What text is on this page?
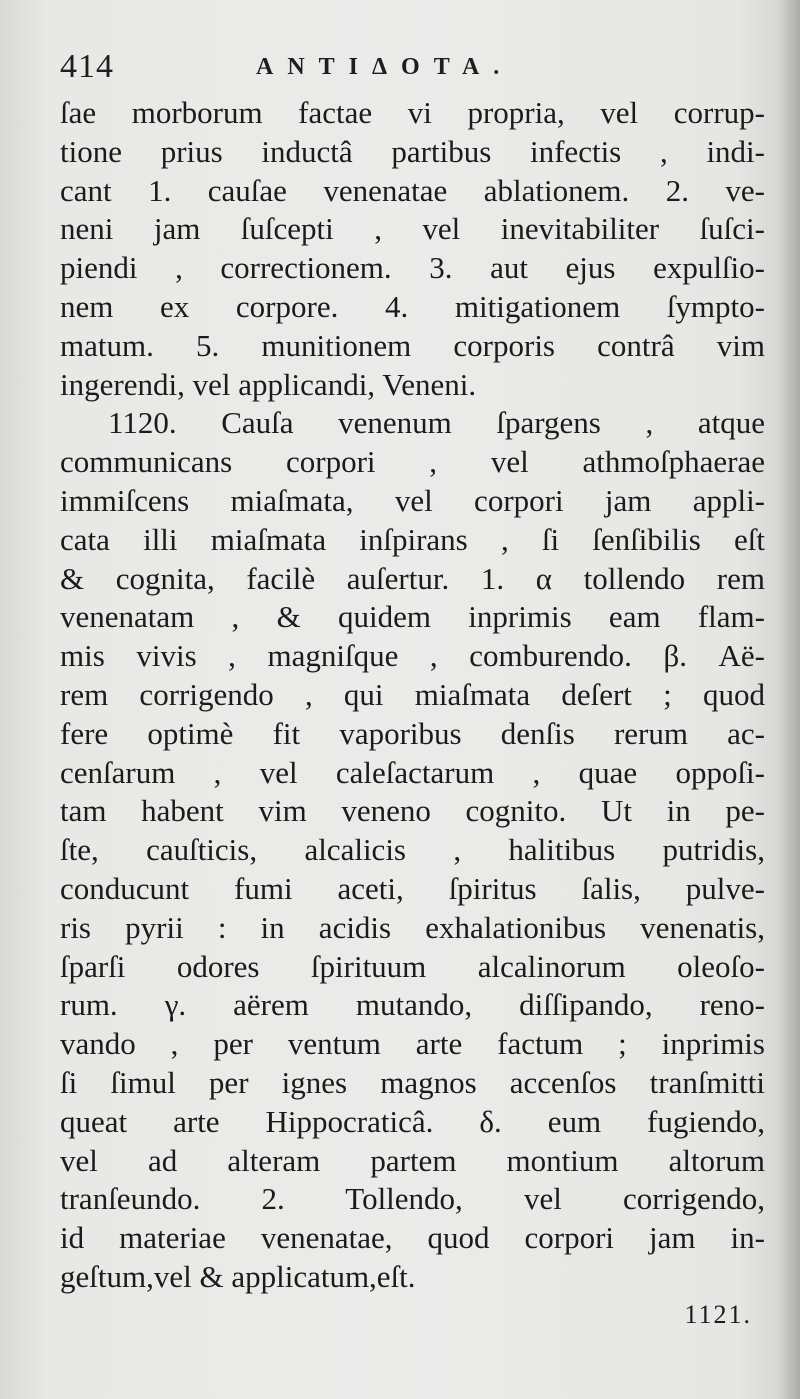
414	ANTIΔOTA.
ſae morborum factae vi propria, vel corrup-
tione prius inductâ partibus infectis , indi-
cant 1. cauſae venenatae ablationem. 2. ve-
neni jam ſuſcepti , vel inevitabiliter ſuſci-
piendi , correctionem. 3. aut ejus expulſio-
nem ex corpore. 4. mitigationem ſympto-
matum. 5. munitionem corporis contrâ vim
ingerendi, vel applicandi, Veneni.
1120. Cauſa venenum ſpargens , atque
communicans corpori , vel athmoſphaerae
immiſcens miaſmata, vel corpori jam appli-
cata illi miaſmata inſpirans , ſi ſenſibilis eſt
& cognita, facilè auſertur. 1. α tollendo rem
venenatam , & quidem inprimis eam flam-
mis vivis , magniſque , comburendo. β. Aë-
rem corrigendo , qui miaſmata deſert ; quod
fere optimè fit vaporibus denſis rerum ac-
cenſarum , vel caleſactarum , quae oppoſi-
tam habent vim veneno cognito. Ut in pe-
ſte, cauſticis, alcalicis , halitibus putridis,
conducunt fumi aceti, ſpiritus ſalis, pulve-
ris pyrii : in acidis exhalationibus venenatis,
ſparſi odores ſpirituum alcalinorum oleoſo-
rum. γ. aërem mutando, diſſipando, reno-
vando , per ventum arte factum ; inprimis
ſi ſimul per ignes magnos accenſos tranſmitti
queat arte Hippocraticâ. δ. eum fugiendo,
vel ad alteram partem montium altorum
tranſeundo. 2. Tollendo, vel corrigendo,
id materiae venenatae, quod corpori jam in-
geſtum,vel & applicatum,eſt.
1121.
